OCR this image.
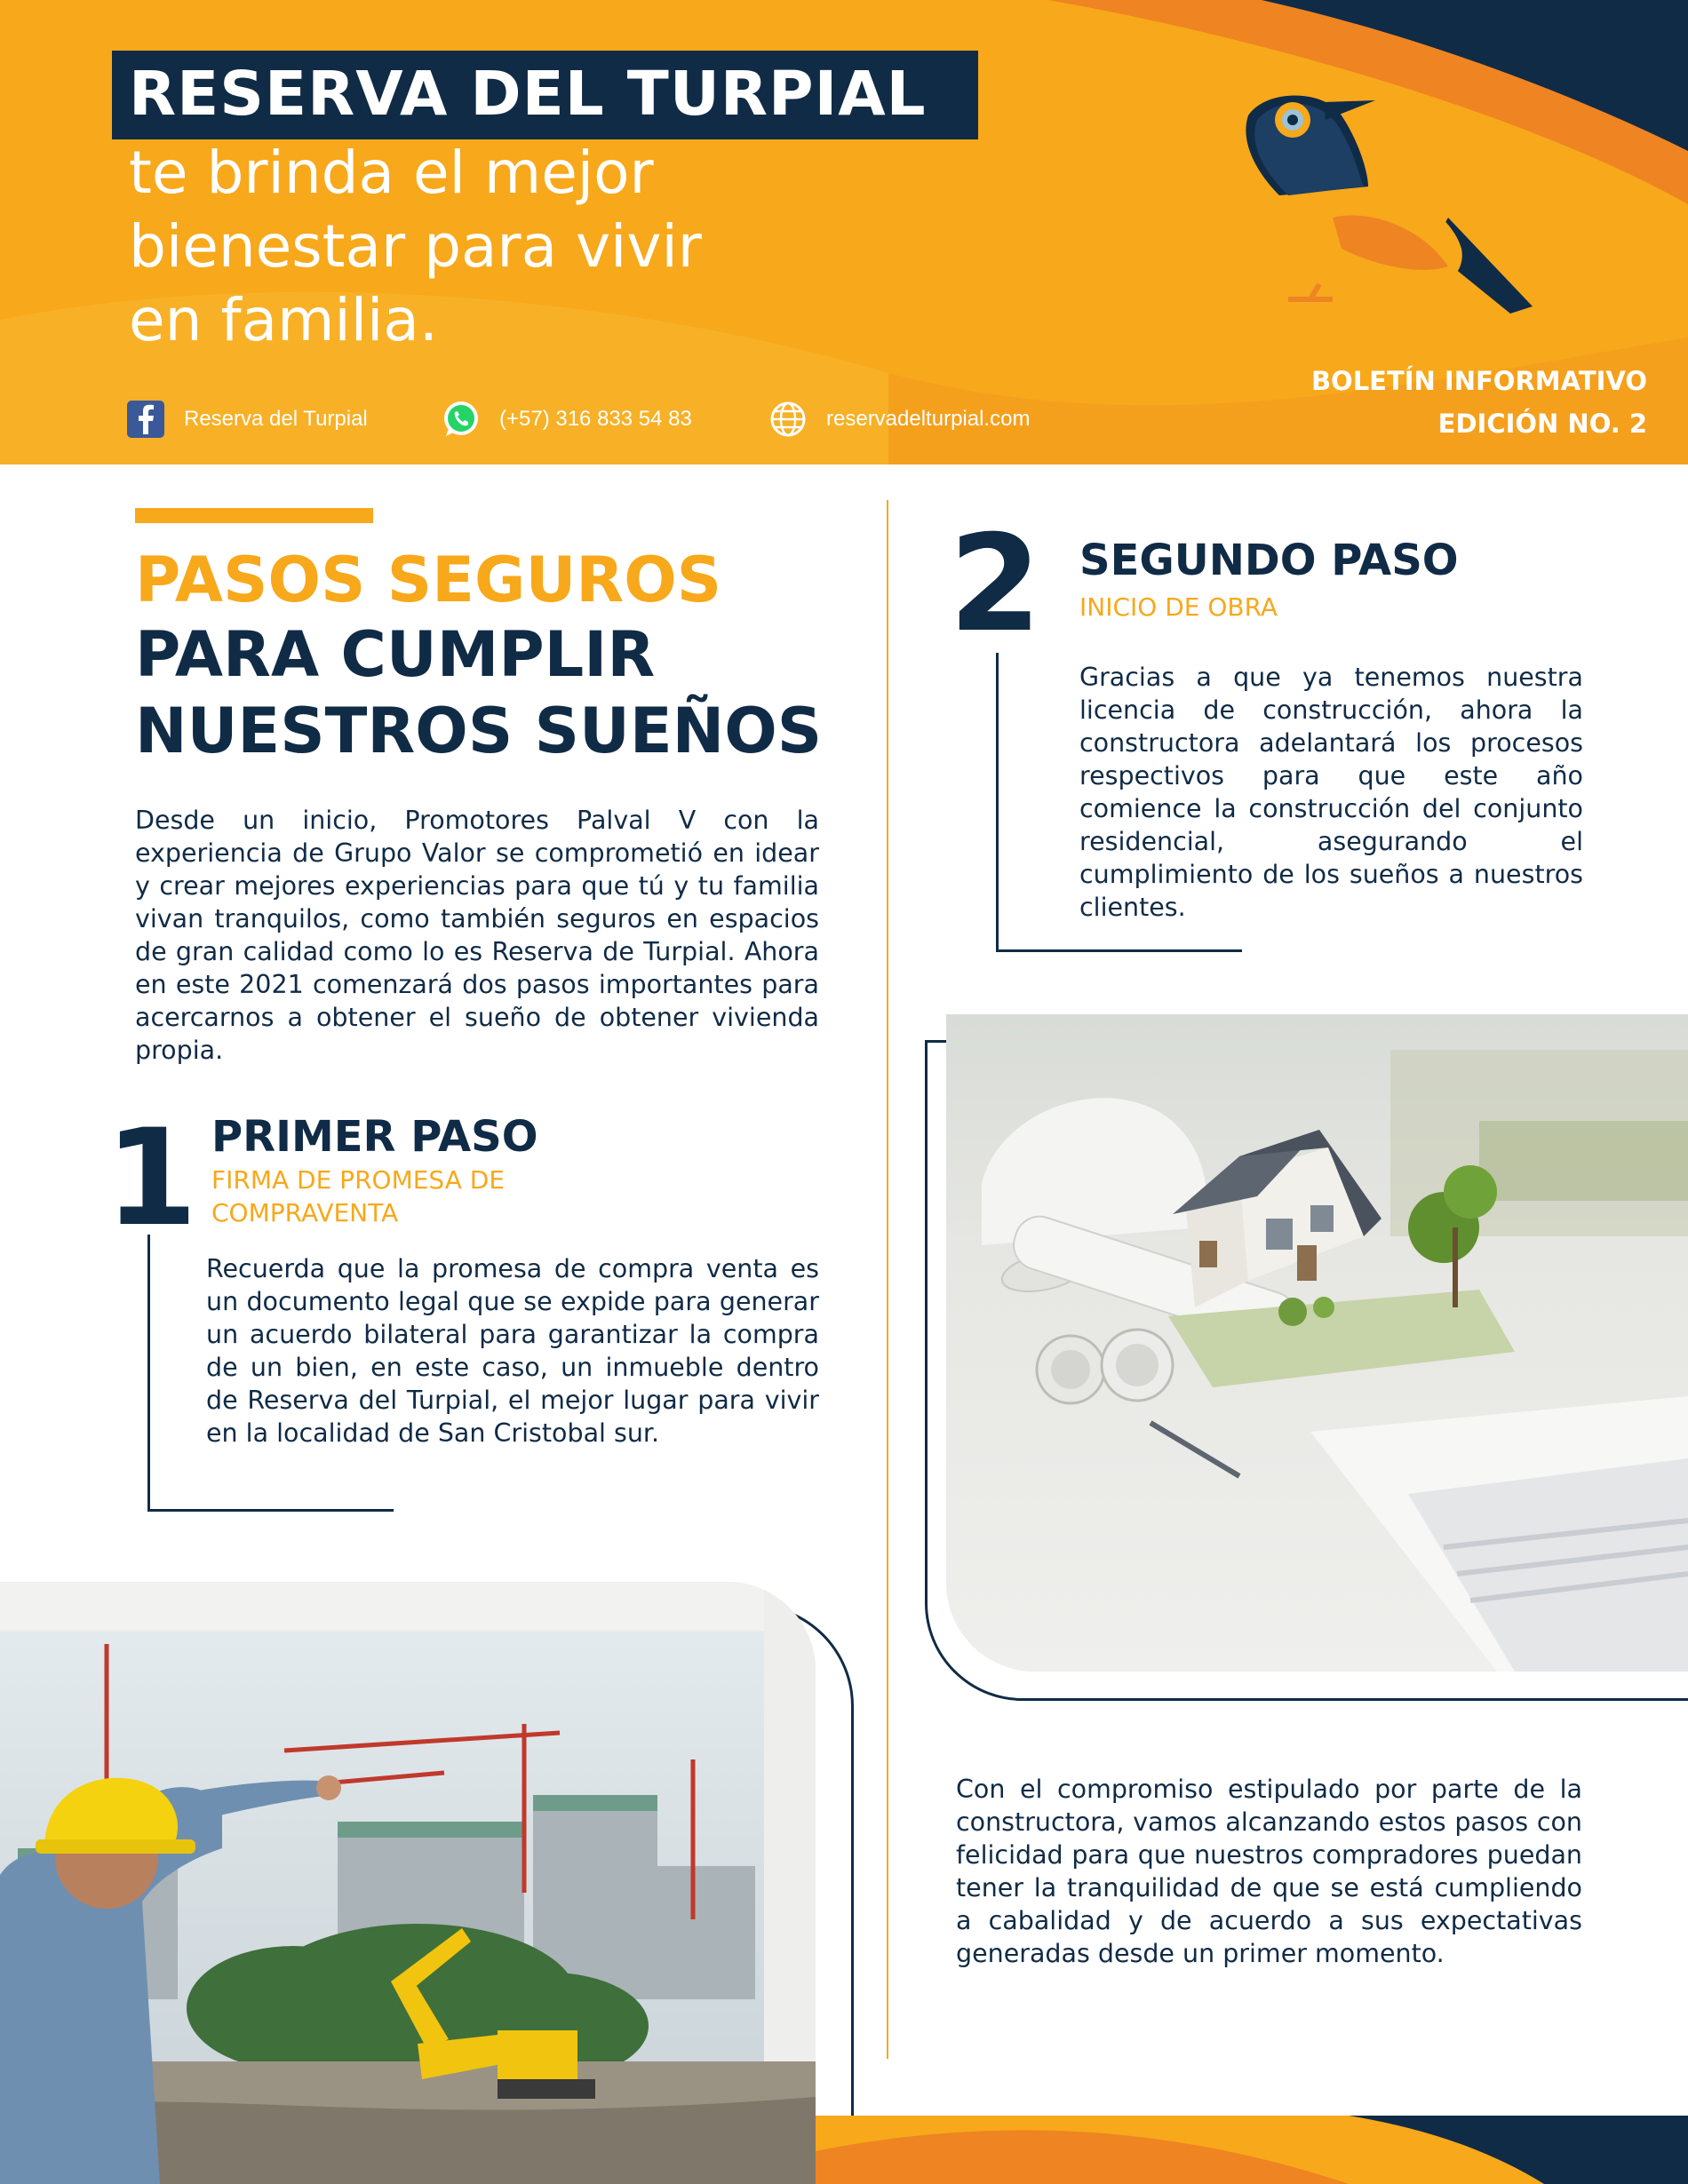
RESERVA DEL TURPIAL
te brinda el mejor
bienestar para vivir
en familia.
BOLETÍN INFORMATIVO
EDICIÓN NO. 2
Reserva del Turpial	(+57) 316 833 54 83	reservadelturpial.com
PASOS SEGUROS
PARA CUMPLIR
NUESTROS SUEÑOS

Desde un inicio, Promotores Palval V con la experiencia de Grupo Valor se comprometió en idear y crear mejores experiencias para que tú y tu familia vivan tranquilos, como también seguros en espacios de gran calidad como lo es Reserva de Turpial. Ahora en este 2021 comenzará dos pasos importantes para acercarnos a obtener el sueño de obtener vivienda propia.

1 PRIMER PASO
FIRMA DE PROMESA DE
COMPRAVENTA

Recuerda que la promesa de compra venta es un documento legal que se expide para generar un acuerdo bilateral para garantizar la compra de un bien, en este caso, un inmueble dentro de Reserva del Turpial, el mejor lugar para vivir en la localidad de San Cristobal sur.

2 SEGUNDO PASO
INICIO DE OBRA

Gracias a que ya tenemos nuestra licencia de construcción, ahora la constructora adelantará los procesos respectivos para que este año comience la construcción del conjunto residencial, asegurando el cumplimiento de los sueños a nuestros clientes.

Con el compromiso estipulado por parte de la constructora, vamos alcanzando estos pasos con felicidad para que nuestros compradores puedan tener la tranquilidad de que se está cumpliendo a cabalidad y de acuerdo a sus expectativas generadas desde un primer momento.
